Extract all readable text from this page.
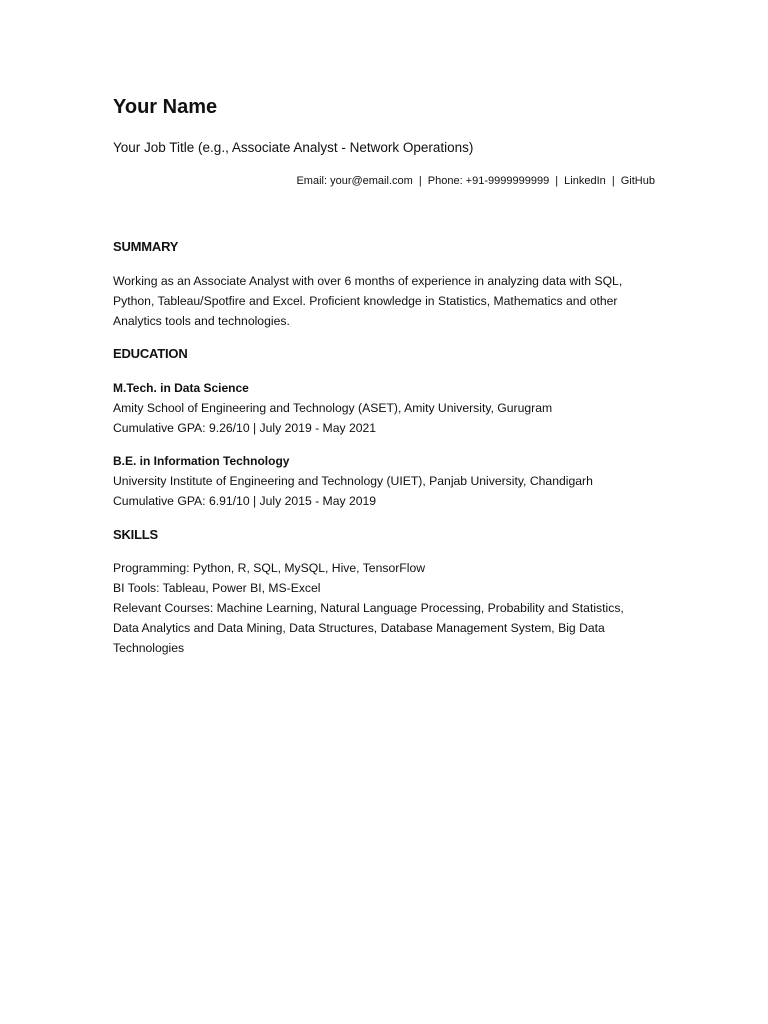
Your Name

Your Job Title (e.g., Associate Analyst - Network Operations)

Email: your@email.com | Phone: +91-9999999999 | LinkedIn | GitHub

SUMMARY

Working as an Associate Analyst with over 6 months of experience in analyzing data with SQL,
Python, Tableau/Spotfire and Excel. Proficient knowledge in Statistics, Mathematics and other
Analytics tools and technologies.

EDUCATION

M.Tech. in Data Science

Amity School of Engineering and Technology (ASET), Amity University, Gurugram
Cumulative GPA: 9.26/10 | July 2019 - May 2021

B.E. in Information Technology

University Institute of Engineering and Technology (UIET), Panjab University, Chandigarh
Cumulative GPA: 6.91/10 | July 2015 - May 2019

SKILLS

Programming: Python, R, SQL, MySQL, Hive, TensorFlow
BI Tools: Tableau, Power BI, MS-Excel
Relevant Courses: Machine Learning, Natural Language Processing, Probability and Statistics,
Data Analytics and Data Mining, Data Structures, Database Management System, Big Data
Technologies
